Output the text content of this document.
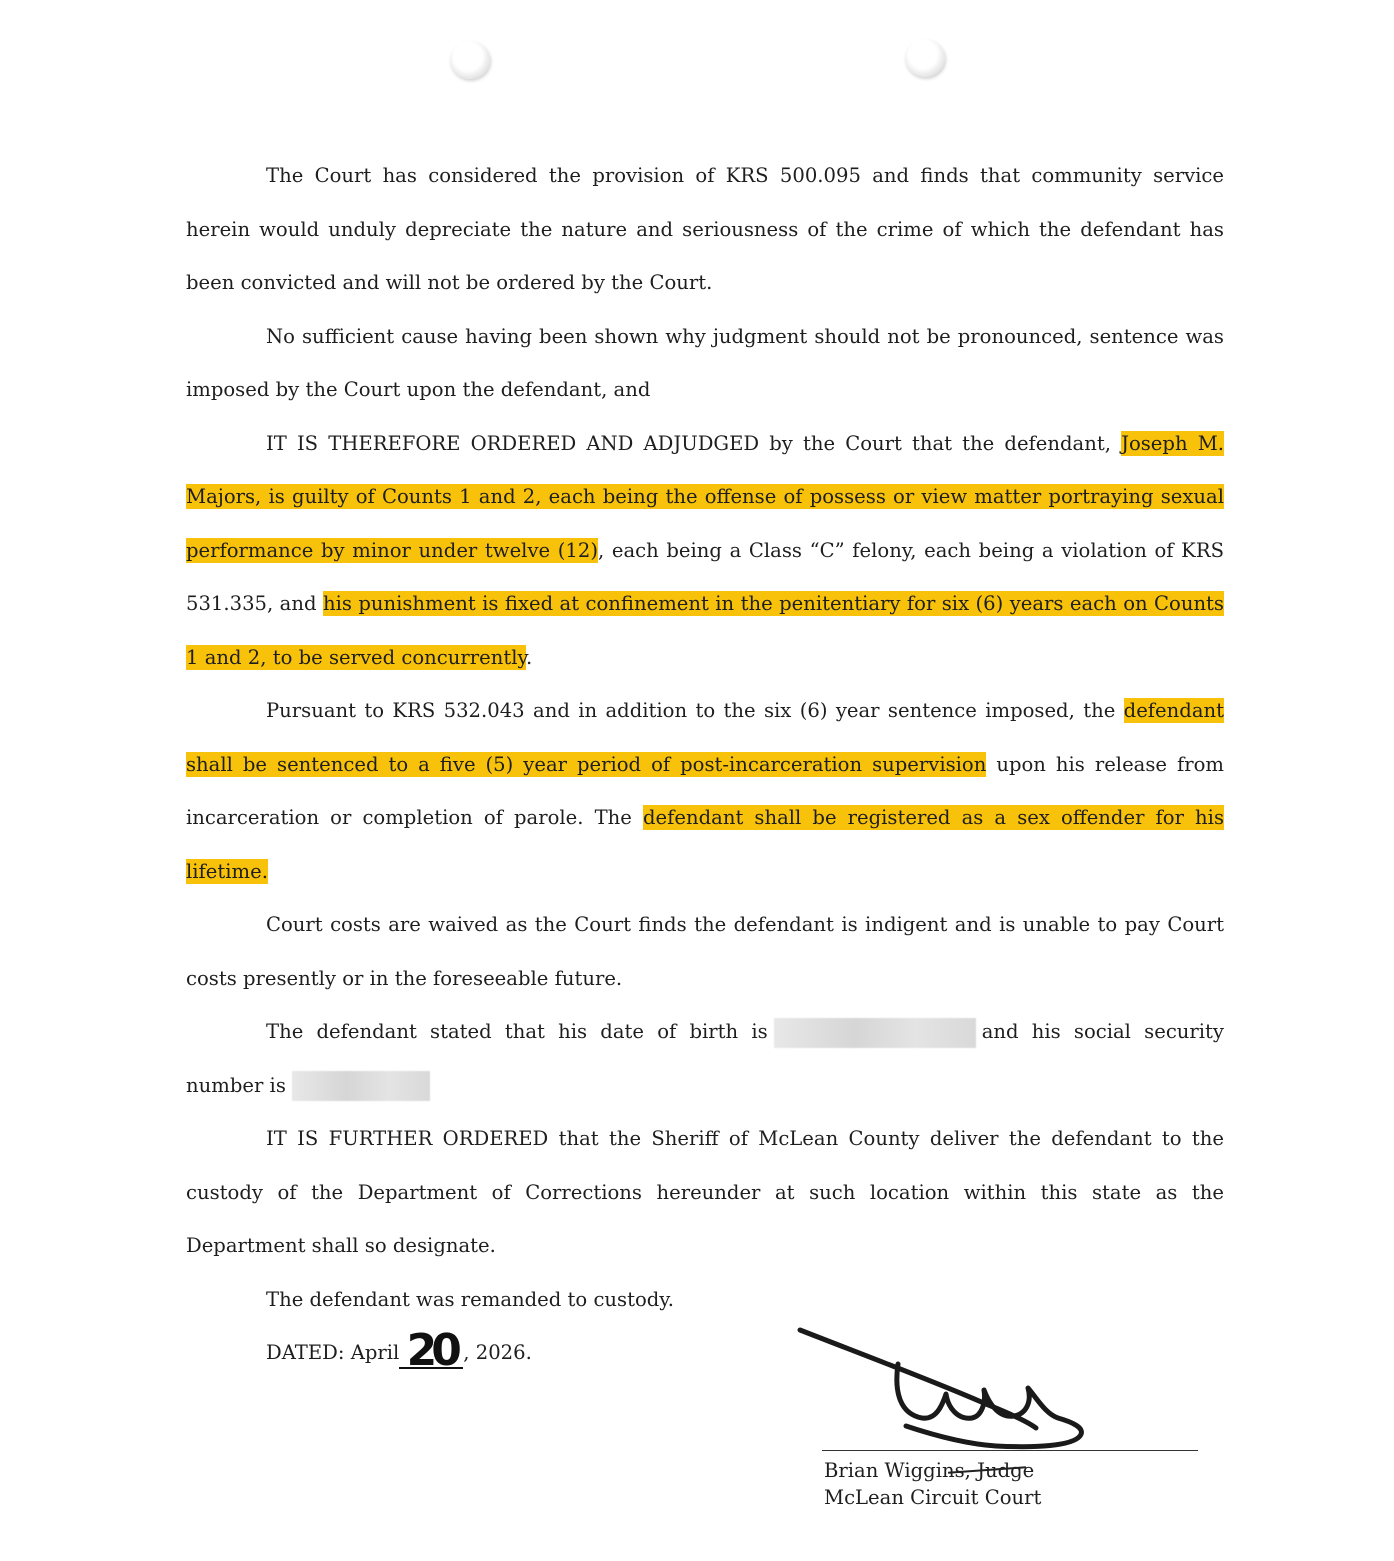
The Court has considered the provision of KRS 500.095 and finds that community service herein would unduly depreciate the nature and seriousness of the crime of which the defendant has been convicted and will not be ordered by the Court.

No sufficient cause having been shown why judgment should not be pronounced, sentence was imposed by the Court upon the defendant, and

IT IS THEREFORE ORDERED AND ADJUDGED by the Court that the defendant, Joseph M. Majors, is guilty of Counts 1 and 2, each being the offense of possess or view matter portraying sexual performance by minor under twelve (12), each being a Class “C” felony, each being a violation of KRS 531.335, and his punishment is fixed at confinement in the penitentiary for six (6) years each on Counts 1 and 2, to be served concurrently.

Pursuant to KRS 532.043 and in addition to the six (6) year sentence imposed, the defendant shall be sentenced to a five (5) year period of post-incarceration supervision upon his release from incarceration or completion of parole. The defendant shall be registered as a sex offender for his lifetime.

Court costs are waived as the Court finds the defendant is indigent and is unable to pay Court costs presently or in the foreseeable future.

The defendant stated that his date of birth is	and his social security number is

IT IS FURTHER ORDERED that the Sheriff of McLean County deliver the defendant to the custody of the Department of Corrections hereunder at such location within this state as the Department shall so designate.

The defendant was remanded to custody.

DATED: April 20 , 2026.

Brian Wiggins, Judge
McLean Circuit Court
